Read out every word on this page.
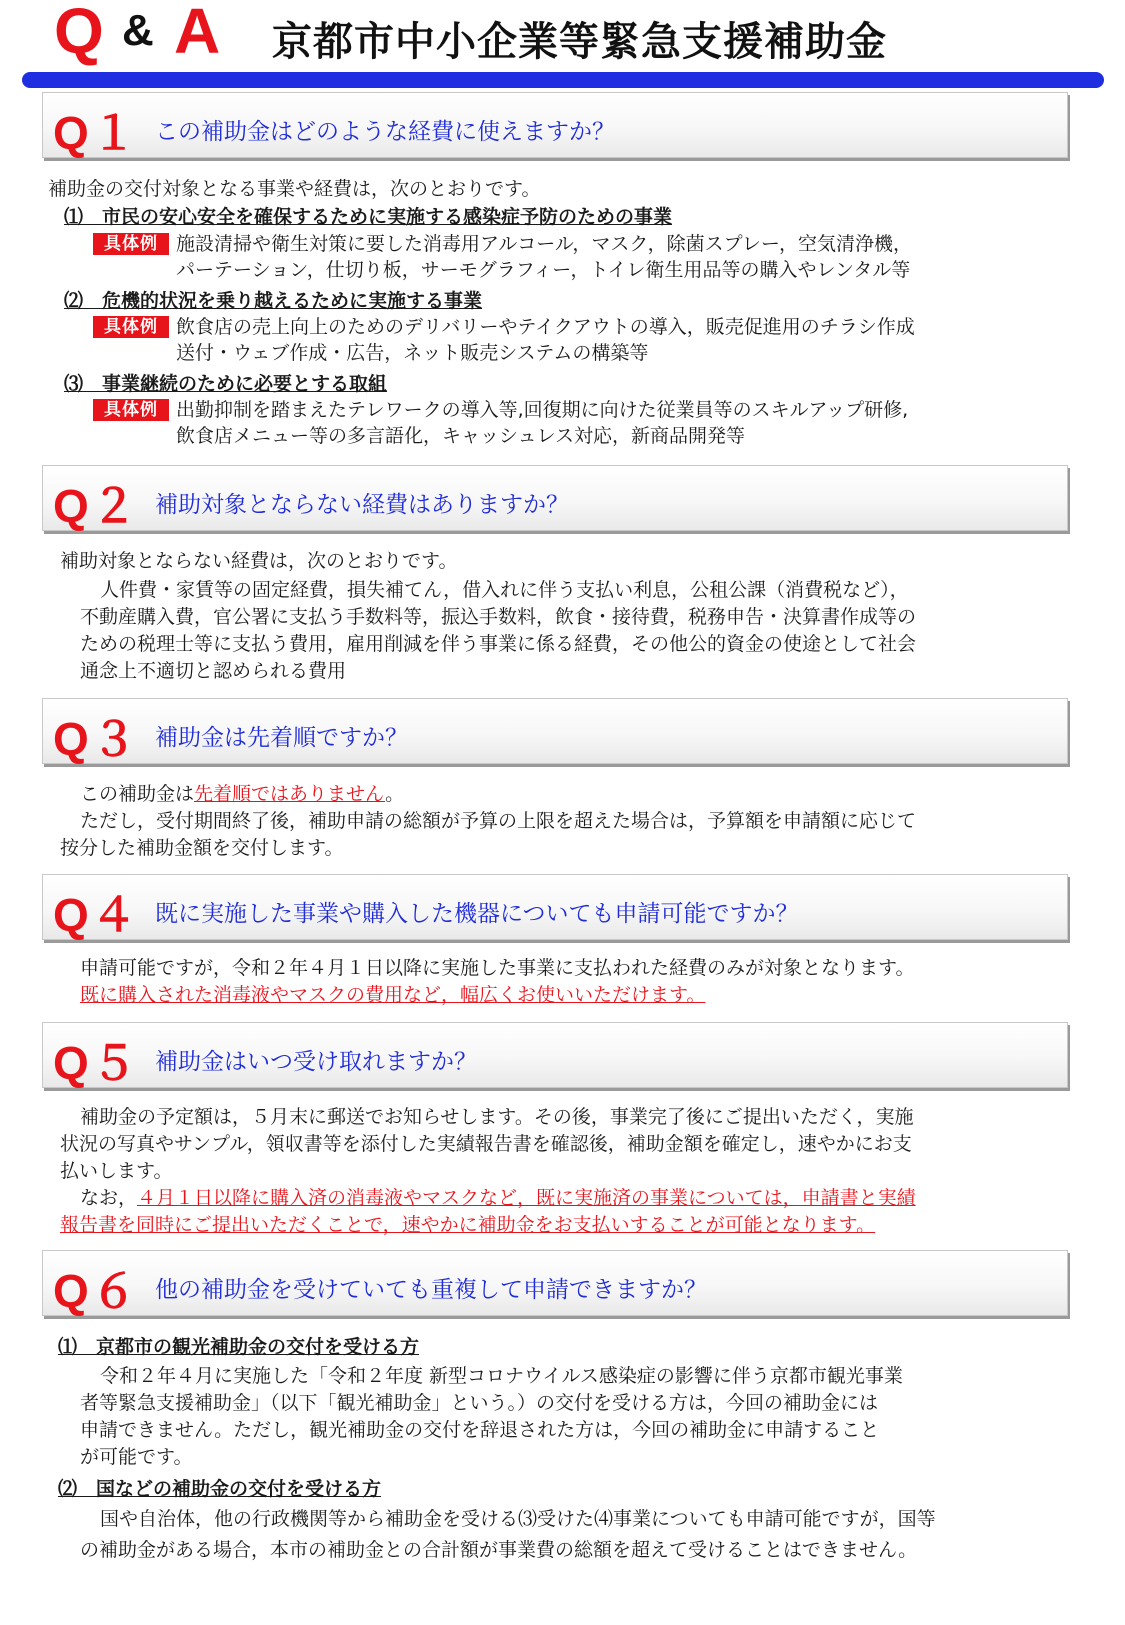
Q & A 京都市中小企業等緊急支援補助金
Q１ この補助金はどのような経費に使えますか？
補助金の交付対象となる事業や経費は，次のとおりです。
⑴　市民の安心安全を確保するために実施する感染症予防のための事業
具体例 施設清掃や衛生対策に要した消毒用アルコール，マスク，除菌スプレー，空気清浄機，
パーテーション，仕切り板，サーモグラフィー，トイレ衛生用品等の購入やレンタル等
⑵　危機的状況を乗り越えるために実施する事業
具体例 飲食店の売上向上のためのデリバリーやテイクアウトの導入，販売促進用のチラシ作成
送付・ウェブ作成・広告，ネット販売システムの構築等
⑶　事業継続のために必要とする取組
具体例 出勤抑制を踏まえたテレワークの導入等,回復期に向けた従業員等のスキルアップ研修,
飲食店メニュー等の多言語化，キャッシュレス対応，新商品開発等
Q２ 補助対象とならない経費はありますか？
補助対象とならない経費は，次のとおりです。
人件費・家賃等の固定経費，損失補てん，借入れに伴う支払い利息，公租公課（消費税など），
不動産購入費，官公署に支払う手数料等，振込手数料，飲食・接待費，税務申告・決算書作成等の
ための税理士等に支払う費用，雇用削減を伴う事業に係る経費，その他公的資金の使途として社会
通念上不適切と認められる費用
Q３ 補助金は先着順ですか？
この補助金は先着順ではありません。
ただし，受付期間終了後，補助申請の総額が予算の上限を超えた場合は，予算額を申請額に応じて
按分した補助金額を交付します。
Q４ 既に実施した事業や購入した機器についても申請可能ですか？
申請可能ですが，令和２年４月１日以降に実施した事業に支払われた経費のみが対象となります。
既に購入された消毒液やマスクの費用など，幅広くお使いいただけます。
Q５ 補助金はいつ受け取れますか？
補助金の予定額は，５月末に郵送でお知らせします。その後，事業完了後にご提出いただく，実施
状況の写真やサンプル，領収書等を添付した実績報告書を確認後，補助金額を確定し，速やかにお支
払いします。
なお，４月１日以降に購入済の消毒液やマスクなど，既に実施済の事業については，申請書と実績
報告書を同時にご提出いただくことで，速やかに補助金をお支払いすることが可能となります。
Q６ 他の補助金を受けていても重複して申請できますか？
⑴　京都市の観光補助金の交付を受ける方
令和２年４月に実施した「令和２年度 新型コロナウイルス感染症の影響に伴う京都市観光事業
者等緊急支援補助金」（以下「観光補助金」という。）の交付を受ける方は，今回の補助金には
申請できません。ただし，観光補助金の交付を辞退された方は，今回の補助金に申請すること
が可能です。
⑵　国などの補助金の交付を受ける方
国や自治体，他の行政機関等から補助金を受ける⑶受けた⑷事業についても申請可能ですが，国等
の補助金がある場合，本市の補助金との合計額が事業費の総額を超えて受けることはできません。
